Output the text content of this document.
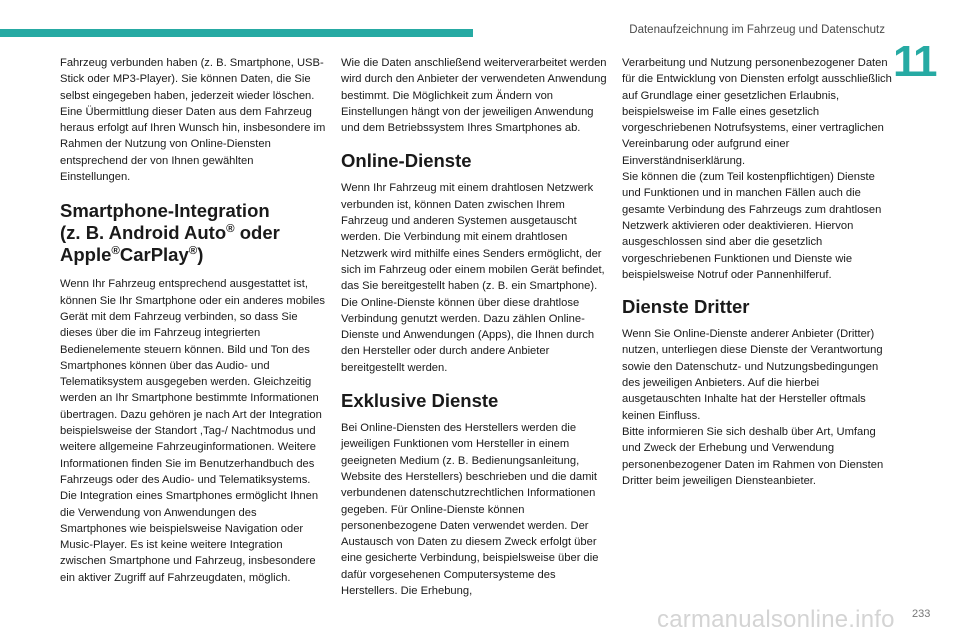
Datenaufzeichnung im Fahrzeug und Datenschutz
11

Fahrzeug verbunden haben (z. B. Smartphone, USB-Stick oder MP3-Player). Sie können Daten, die Sie selbst eingegeben haben, jederzeit wieder löschen.

Eine Übermittlung dieser Daten aus dem Fahrzeug heraus erfolgt auf Ihren Wunsch hin, insbesondere im Rahmen der Nutzung von Online-Diensten entsprechend der von Ihnen gewählten Einstellungen.

Smartphone-Integration
(z. B. Android Auto® oder
Apple®CarPlay®)

Wenn Ihr Fahrzeug entsprechend ausgestattet ist, können Sie Ihr Smartphone oder ein anderes mobiles Gerät mit dem Fahrzeug verbinden, so dass Sie dieses über die im Fahrzeug integrierten Bedienelemente steuern können. Bild und Ton des Smartphones können über das Audio- und Telematiksystem ausgegeben werden. Gleichzeitig werden an Ihr Smartphone bestimmte Informationen übertragen. Dazu gehören je nach Art der Integration beispielsweise der Standort ,Tag-/ Nachtmodus und weitere allgemeine Fahrzeuginformationen. Weitere Informationen finden Sie im Benutzerhandbuch des Fahrzeugs oder des Audio- und Telematiksystems.

Die Integration eines Smartphones ermöglicht Ihnen die Verwendung von Anwendungen des Smartphones wie beispielsweise Navigation oder Music-Player. Es ist keine weitere Integration zwischen Smartphone und Fahrzeug, insbesondere ein aktiver Zugriff auf Fahrzeugdaten, möglich.

Wie die Daten anschließend weiterverarbeitet werden wird durch den Anbieter der verwendeten Anwendung bestimmt. Die Möglichkeit zum Ändern von Einstellungen hängt von der jeweiligen Anwendung und dem Betriebssystem Ihres Smartphones ab.

Online-Dienste

Wenn Ihr Fahrzeug mit einem drahtlosen Netzwerk verbunden ist, können Daten zwischen Ihrem Fahrzeug und anderen Systemen ausgetauscht werden. Die Verbindung mit einem drahtlosen Netzwerk wird mithilfe eines Senders ermöglicht, der sich im Fahrzeug oder einem mobilen Gerät befindet, das Sie bereitgestellt haben (z. B. ein Smartphone). Die Online-Dienste können über diese drahtlose Verbindung genutzt werden. Dazu zählen Online-Dienste und Anwendungen (Apps), die Ihnen durch den Hersteller oder durch andere Anbieter bereitgestellt werden.

Exklusive Dienste

Bei Online-Diensten des Herstellers werden die jeweiligen Funktionen vom Hersteller in einem geeigneten Medium (z. B. Bedienungsanleitung, Website des Herstellers) beschrieben und die damit verbundenen datenschutzrechtlichen Informationen gegeben. Für Online-Dienste können personenbezogene Daten verwendet werden. Der Austausch von Daten zu diesem Zweck erfolgt über eine gesicherte Verbindung, beispielsweise über die dafür vorgesehenen Computersysteme des Herstellers. Die Erhebung,

Verarbeitung und Nutzung personenbezogener Daten für die Entwicklung von Diensten erfolgt ausschließlich auf Grundlage einer gesetzlichen Erlaubnis, beispielsweise im Falle eines gesetzlich vorgeschriebenen Notrufsystems, einer vertraglichen Vereinbarung oder aufgrund einer Einverständniserklärung.

Sie können die (zum Teil kostenpflichtigen) Dienste und Funktionen und in manchen Fällen auch die gesamte Verbindung des Fahrzeugs zum drahtlosen Netzwerk aktivieren oder deaktivieren. Hiervon ausgeschlossen sind aber die gesetzlich vorgeschriebenen Funktionen und Dienste wie beispielsweise Notruf oder Pannenhilferuf.

Dienste Dritter

Wenn Sie Online-Dienste anderer Anbieter (Dritter) nutzen, unterliegen diese Dienste der Verantwortung sowie den Datenschutz- und Nutzungsbedingungen des jeweiligen Anbieters. Auf die hierbei ausgetauschten Inhalte hat der Hersteller oftmals keinen Einfluss.

Bitte informieren Sie sich deshalb über Art, Umfang und Zweck der Erhebung und Verwendung personenbezogener Daten im Rahmen von Diensten Dritter beim jeweiligen Diensteanbieter.

carmanualsonline.info 233
